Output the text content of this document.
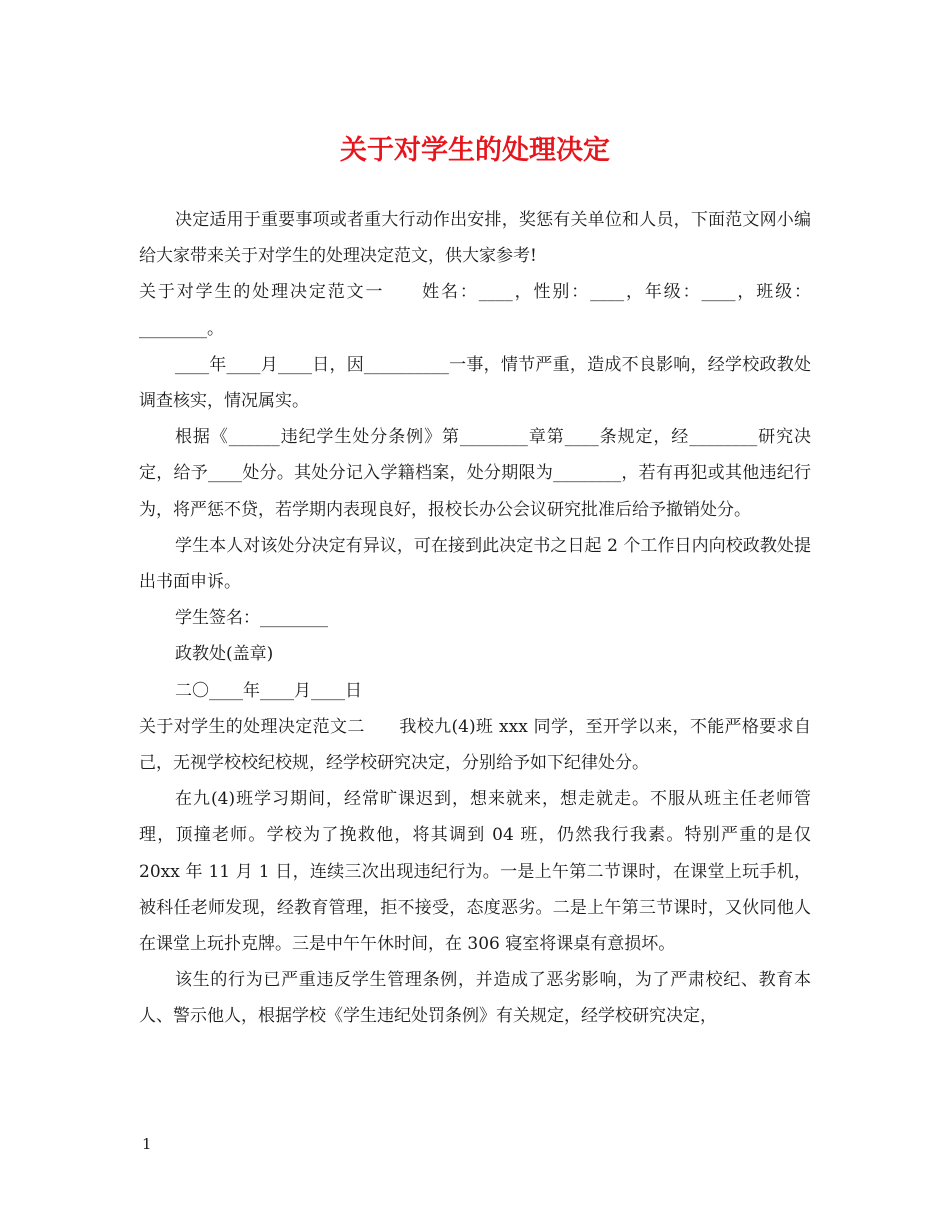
关于对学生的处理决定

决定适用于重要事项或者重大行动作出安排，奖惩有关单位和人员，下面范文网小编给大家带来关于对学生的处理决定范文，供大家参考!

关于对学生的处理决定范文一　　姓名：____，性别：____，年级：____，班级：________。

____年____月____日，因__________一事，情节严重，造成不良影响，经学校政教处调查核实，情况属实。

根据《______违纪学生处分条例》第________章第____条规定，经________研究决定，给予____处分。其处分记入学籍档案，处分期限为________，若有再犯或其他违纪行为，将严惩不贷，若学期内表现良好，报校长办公会议研究批准后给予撤销处分。

学生本人对该处分决定有异议，可在接到此决定书之日起 2 个工作日内向校政教处提出书面申诉。

学生签名：________

政教处(盖章)

二〇____年____月____日

关于对学生的处理决定范文二　　我校九(4)班 xxx 同学，至开学以来，不能严格要求自己，无视学校校纪校规，经学校研究决定，分别给予如下纪律处分。

在九(4)班学习期间，经常旷课迟到，想来就来，想走就走。不服从班主任老师管理，顶撞老师。学校为了挽救他，将其调到 04 班，仍然我行我素。特别严重的是仅 20xx 年 11 月 1 日，连续三次出现违纪行为。一是上午第二节课时，在课堂上玩手机，被科任老师发现，经教育管理，拒不接受，态度恶劣。二是上午第三节课时，又伙同他人在课堂上玩扑克牌。三是中午午休时间，在 306 寝室将课桌有意损坏。

该生的行为已严重违反学生管理条例，并造成了恶劣影响，为了严肃校纪、教育本人、警示他人，根据学校《学生违纪处罚条例》有关规定，经学校研究决定，

1
